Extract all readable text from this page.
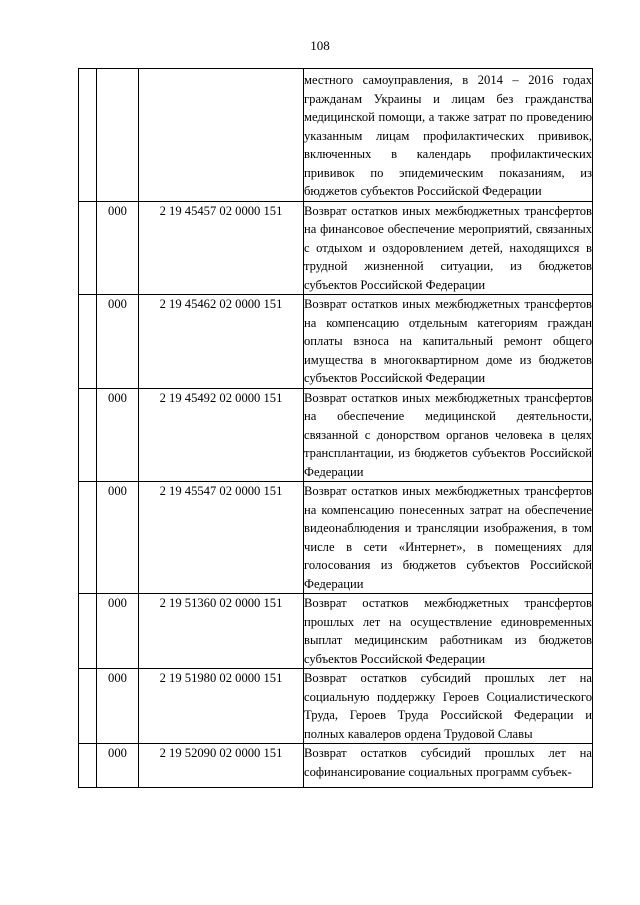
108
			местного самоуправления, в 2014 – 2016 годах гражданам Украины и лицам без гражданства медицинской помощи, а также затрат по проведению указанным лицам профилактических прививок, включенных в календарь профилактических прививок по эпидемическим показаниям, из бюджетов субъектов Российской Федерации
	000	2 19 45457 02 0000 151	Возврат остатков иных межбюджетных трансфертов на финансовое обеспечение мероприятий, связанных с отдыхом и оздоровлением детей, находящихся в трудной жизненной ситуации, из бюджетов субъектов Российской Федерации
	000	2 19 45462 02 0000 151	Возврат остатков иных межбюджетных трансфертов на компенсацию отдельным категориям граждан оплаты взноса на капитальный ремонт общего имущества в многоквартирном доме из бюджетов субъектов Российской Федерации
	000	2 19 45492 02 0000 151	Возврат остатков иных межбюджетных трансфертов на обеспечение медицинской деятельности, связанной с донорством органов человека в целях трансплантации, из бюджетов субъектов Российской Федерации
	000	2 19 45547 02 0000 151	Возврат остатков иных межбюджетных трансфертов на компенсацию понесенных затрат на обеспечение видеонаблюдения и трансляции изображения, в том числе в сети «Интернет», в помещениях для голосования из бюджетов субъектов Российской Федерации
	000	2 19 51360 02 0000 151	Возврат остатков межбюджетных трансфертов прошлых лет на осуществление единовременных выплат медицинским работникам из бюджетов субъектов Российской Федерации
	000	2 19 51980 02 0000 151	Возврат остатков субсидий прошлых лет на социальную поддержку Героев Социалистического Труда, Героев Труда Российской Федерации и полных кавалеров ордена Трудовой Славы
	000	2 19 52090 02 0000 151	Возврат остатков субсидий прошлых лет на софинансирование социальных программ субъек-
